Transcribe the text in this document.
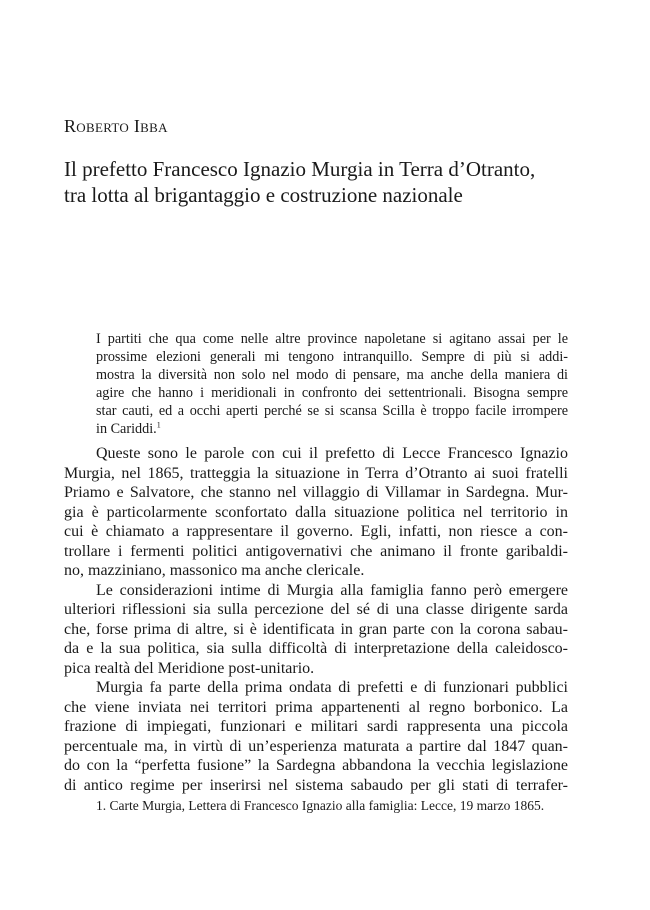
Roberto Ibba
Il prefetto Francesco Ignazio Murgia in Terra d’Otranto,
tra lotta al brigantaggio e costruzione nazionale
I partiti che qua come nelle altre province napoletane si agitano assai per le
prossime elezioni generali mi tengono intranquillo. Sempre di più si addi-
mostra la diversità non solo nel modo di pensare, ma anche della maniera di
agire che hanno i meridionali in confronto dei settentrionali. Bisogna sempre
star cauti, ed a occhi aperti perché se si scansa Scilla è troppo facile irrompere
in Cariddi.$^1$
Queste sono le parole con cui il prefetto di Lecce Francesco Ignazio
Murgia, nel 1865, tratteggia la situazione in Terra d’Otranto ai suoi fratelli
Priamo e Salvatore, che stanno nel villaggio di Villamar in Sardegna. Mur-
gia è particolarmente sconfortato dalla situazione politica nel territorio in
cui è chiamato a rappresentare il governo. Egli, infatti, non riesce a con-
trollare i fermenti politici antigovernativi che animano il fronte garibaldi-
no, mazziniano, massonico ma anche clericale.
Le considerazioni intime di Murgia alla famiglia fanno però emergere
ulteriori riflessioni sia sulla percezione del sé di una classe dirigente sarda
che, forse prima di altre, si è identificata in gran parte con la corona sabau-
da e la sua politica, sia sulla difficoltà di interpretazione della caleidosco-
pica realtà del Meridione post-unitario.
Murgia fa parte della prima ondata di prefetti e di funzionari pubblici
che viene inviata nei territori prima appartenenti al regno borbonico. La
frazione di impiegati, funzionari e militari sardi rappresenta una piccola
percentuale ma, in virtù di un’esperienza maturata a partire dal 1847 quan-
do con la “perfetta fusione” la Sardegna abbandona la vecchia legislazione
di antico regime per inserirsi nel sistema sabaudo per gli stati di terrafer-
1. Carte Murgia, Lettera di Francesco Ignazio alla famiglia: Lecce, 19 marzo 1865.
